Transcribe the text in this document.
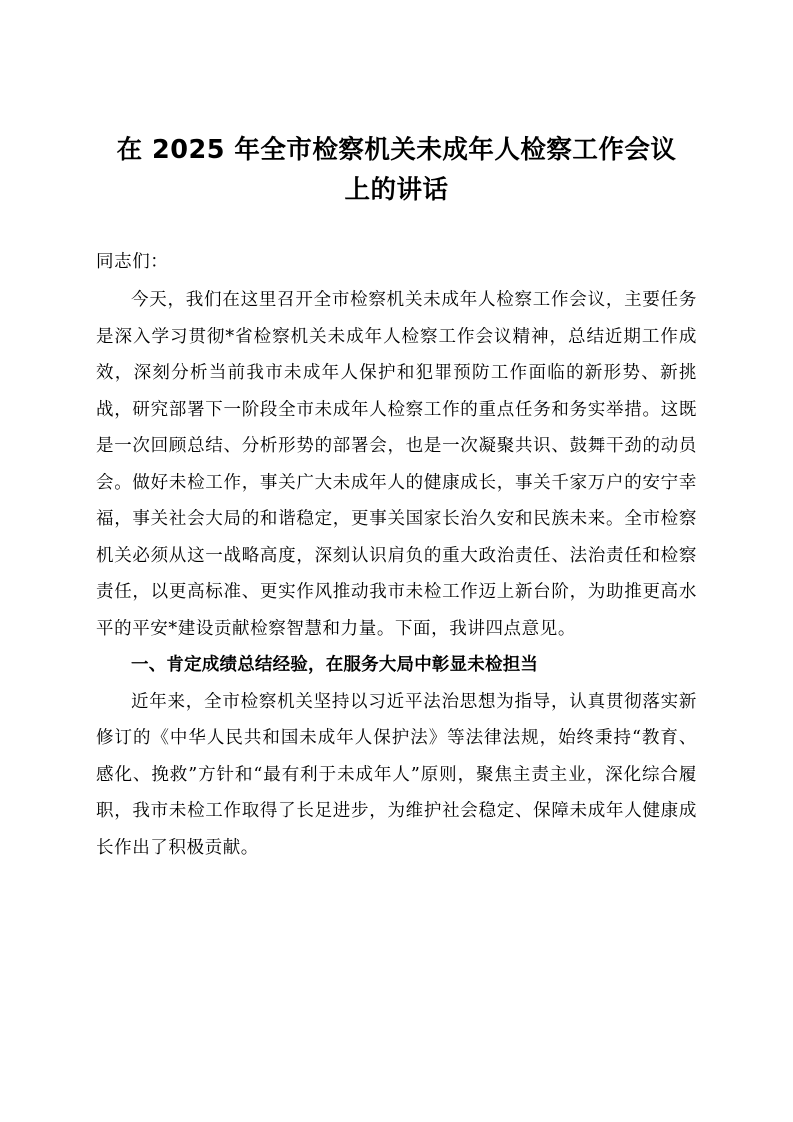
在 2025 年全市检察机关未成年人检察工作会议上的讲话

同志们：

今天，我们在这里召开全市检察机关未成年人检察工作会议，主要任务是深入学习贯彻*省检察机关未成年人检察工作会议精神，总结近期工作成效，深刻分析当前我市未成年人保护和犯罪预防工作面临的新形势、新挑战，研究部署下一阶段全市未成年人检察工作的重点任务和务实举措。这既是一次回顾总结、分析形势的部署会，也是一次凝聚共识、鼓舞干劲的动员会。做好未检工作，事关广大未成年人的健康成长，事关千家万户的安宁幸福，事关社会大局的和谐稳定，更事关国家长治久安和民族未来。全市检察机关必须从这一战略高度，深刻认识肩负的重大政治责任、法治责任和检察责任，以更高标准、更实作风推动我市未检工作迈上新台阶，为助推更高水平的平安*建设贡献检察智慧和力量。下面，我讲四点意见。

一、肯定成绩总结经验，在服务大局中彰显未检担当

近年来，全市检察机关坚持以习近平法治思想为指导，认真贯彻落实新修订的《中华人民共和国未成年人保护法》等法律法规，始终秉持“教育、感化、挽救”方针和“最有利于未成年人”原则，聚焦主责主业，深化综合履职，我市未检工作取得了长足进步，为维护社会稳定、保障未成年人健康成长作出了积极贡献。
